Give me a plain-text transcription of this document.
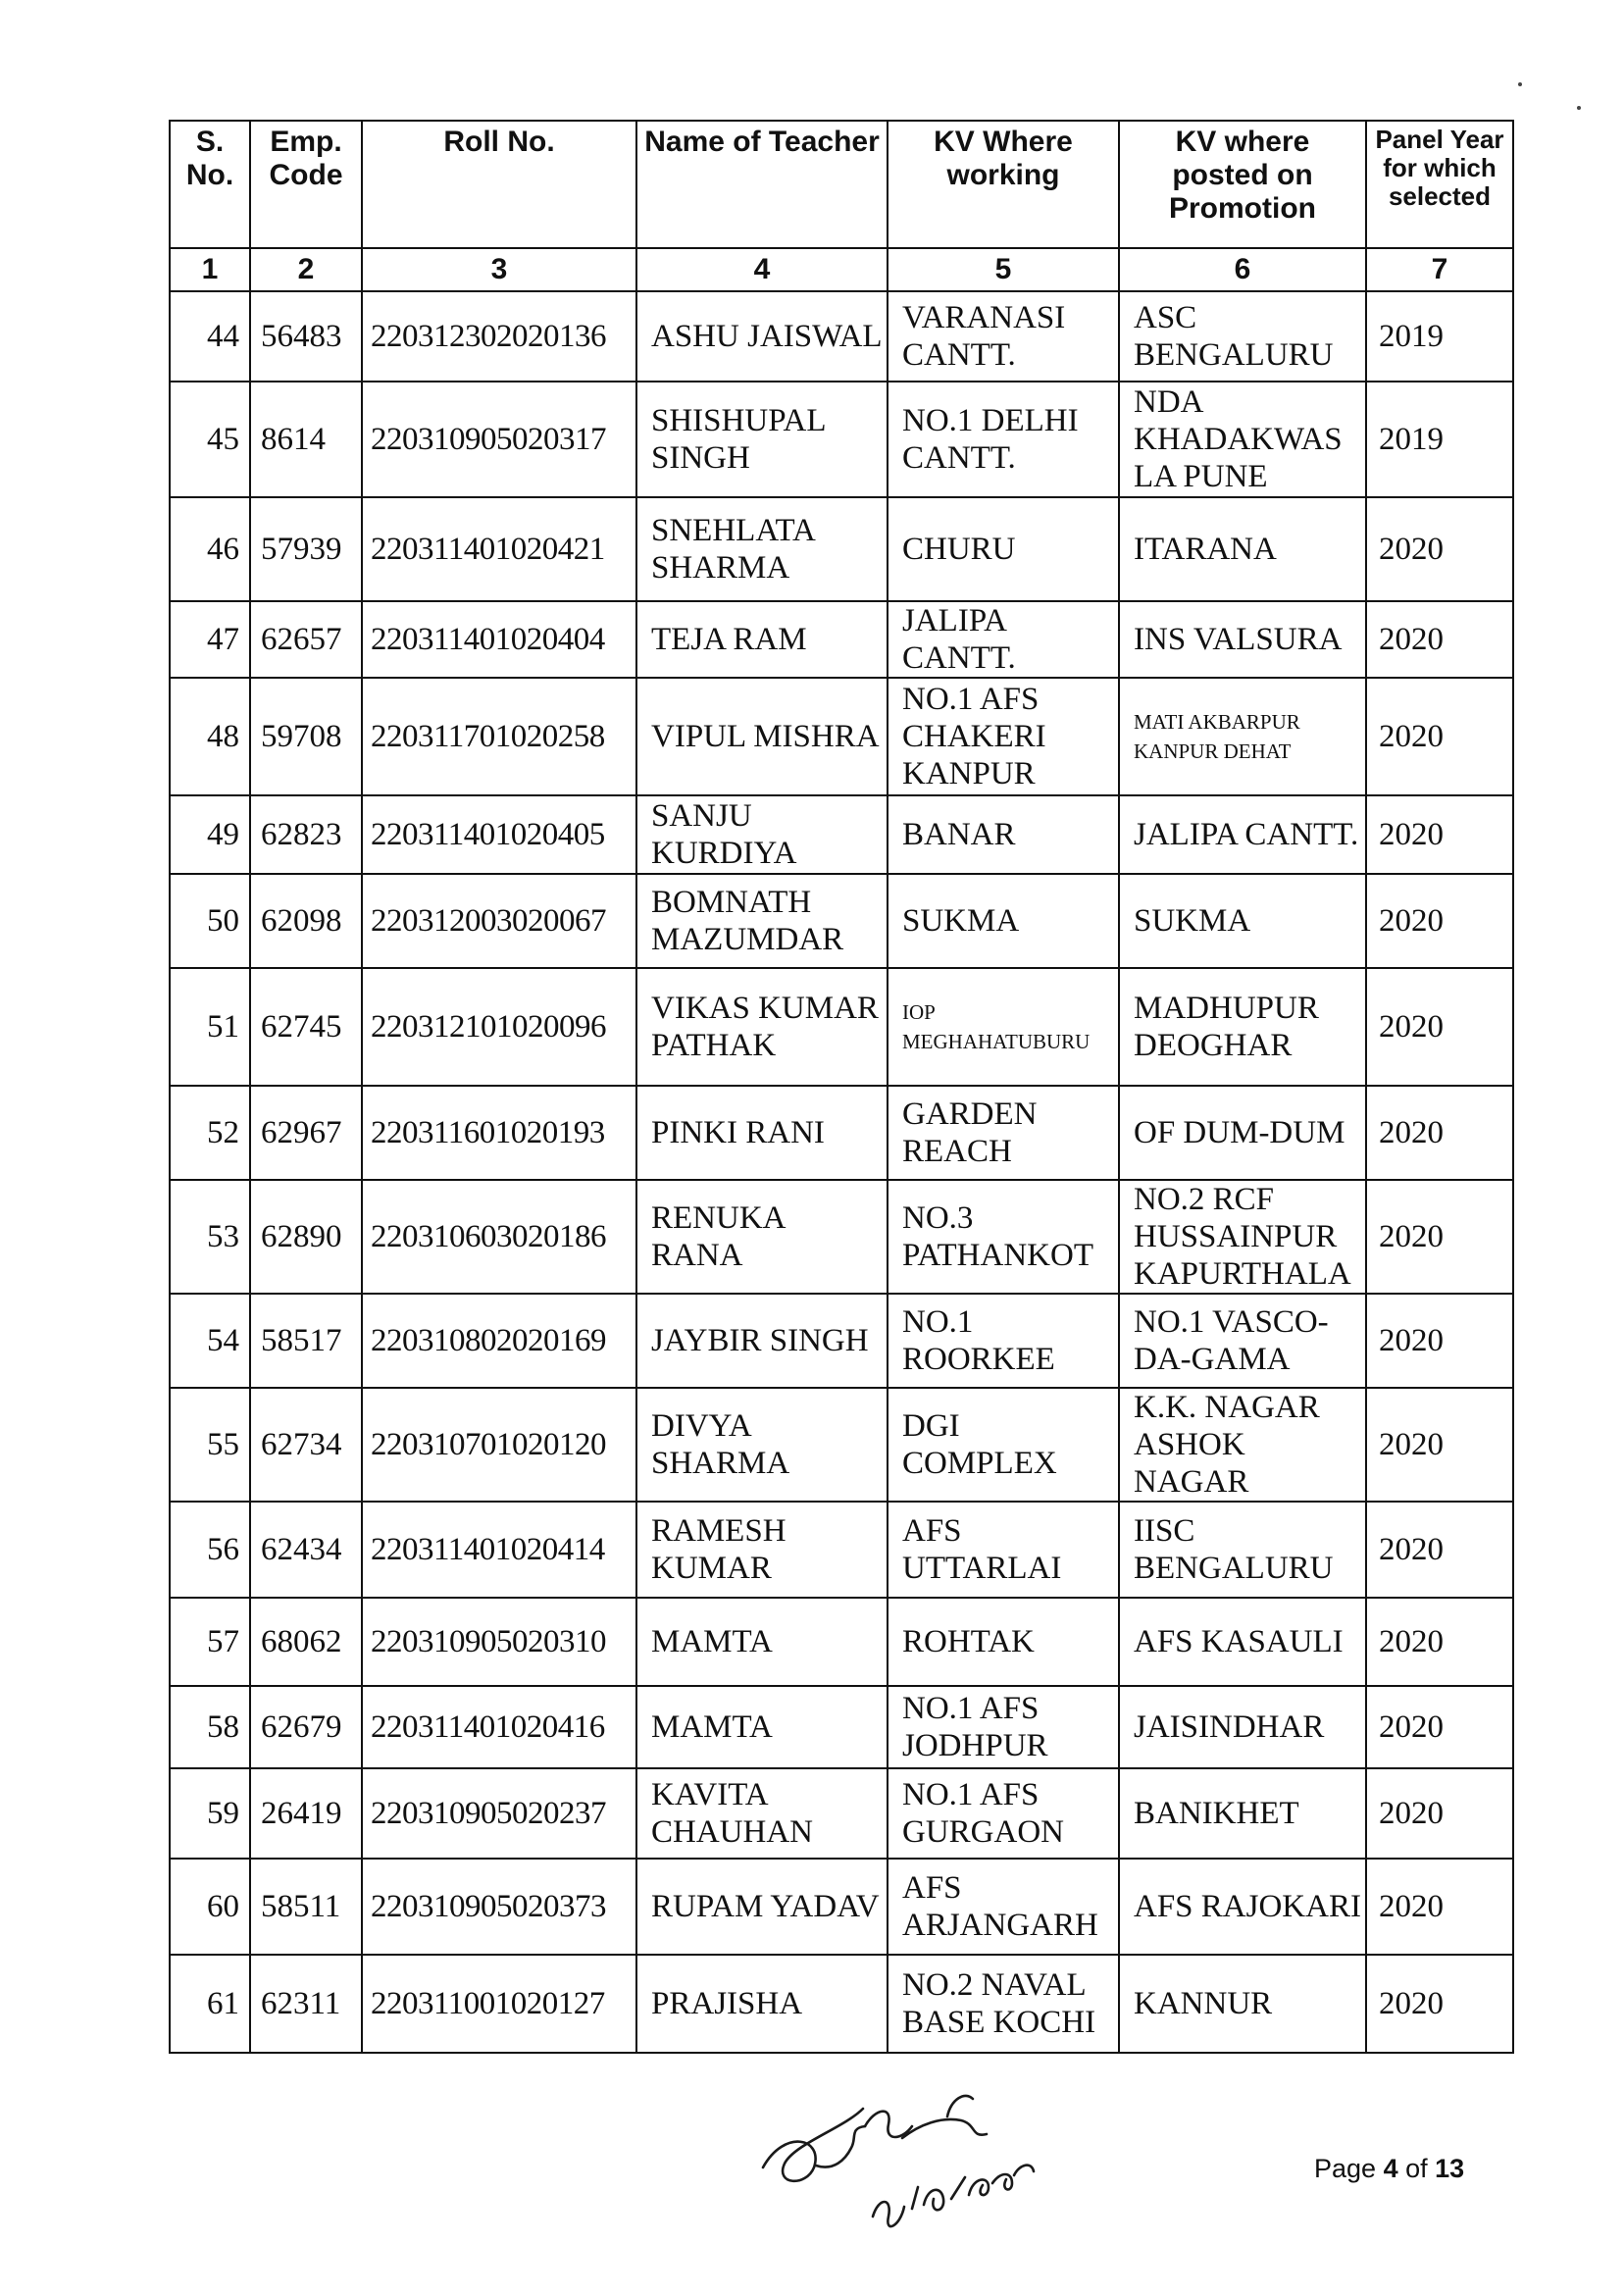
S. No.	Emp. Code	Roll No.	Name of Teacher	KV Where working	KV where posted on Promotion	Panel Year for which selected
1	2	3	4	5	6	7
44	56483	220312302020136	ASHU JAISWAL	VARANASI CANTT.	ASC BENGALURU	2019
45	8614	220310905020317	SHISHUPAL SINGH	NO.1 DELHI CANTT.	NDA KHADAKWAS LA PUNE	2019
46	57939	220311401020421	SNEHLATA SHARMA	CHURU	ITARANA	2020
47	62657	220311401020404	TEJA RAM	JALIPA CANTT.	INS VALSURA	2020
48	59708	220311701020258	VIPUL MISHRA	NO.1 AFS CHAKERI KANPUR	MATI AKBARPUR KANPUR DEHAT	2020
49	62823	220311401020405	SANJU KURDIYA	BANAR	JALIPA CANTT.	2020
50	62098	220312003020067	BOMNATH MAZUMDAR	SUKMA	SUKMA	2020
51	62745	220312101020096	VIKAS KUMAR PATHAK	IOP MEGHAHATUBURU	MADHUPUR DEOGHAR	2020
52	62967	220311601020193	PINKI RANI	GARDEN REACH	OF DUM-DUM	2020
53	62890	220310603020186	RENUKA RANA	NO.3 PATHANKOT	NO.2 RCF HUSSAINPUR KAPURTHALA	2020
54	58517	220310802020169	JAYBIR SINGH	NO.1 ROORKEE	NO.1 VASCO-DA-GAMA	2020
55	62734	220310701020120	DIVYA SHARMA	DGI COMPLEX	K.K. NAGAR ASHOK NAGAR	2020
56	62434	220311401020414	RAMESH KUMAR	AFS UTTARLAI	IISC BENGALURU	2020
57	68062	220310905020310	MAMTA	ROHTAK	AFS KASAULI	2020
58	62679	220311401020416	MAMTA	NO.1 AFS JODHPUR	JAISINDHAR	2020
59	26419	220310905020237	KAVITA CHAUHAN	NO.1 AFS GURGAON	BANIKHET	2020
60	58511	220310905020373	RUPAM YADAV	AFS ARJANGARH	AFS RAJOKARI	2020
61	62311	220311001020127	PRAJISHA	NO.2 NAVAL BASE KOCHI	KANNUR	2020
Page 4 of 13
